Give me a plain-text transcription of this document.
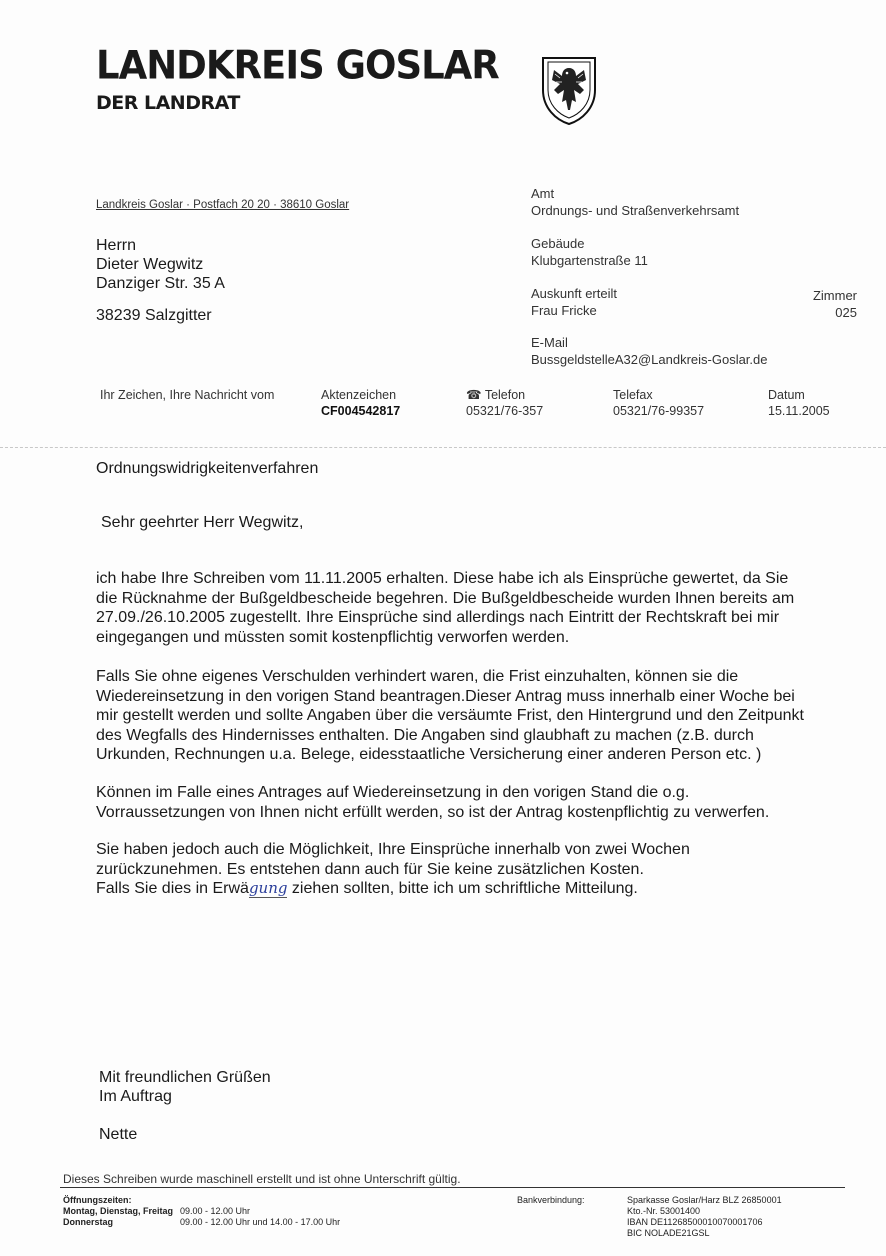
LANDKREIS GOSLAR
DER LANDRAT
Landkreis Goslar · Postfach 20 20 · 38610 Goslar
Herrn
Dieter Wegwitz
Danziger Str. 35 A
38239 Salzgitter
Amt
Ordnungs- und Straßenverkehrsamt
Gebäude
Klubgartenstraße 11
Auskunft erteilt
Frau Fricke
Zimmer
025
E-Mail
BussgeldstelleA32@Landkreis-Goslar.de
Ihr Zeichen, Ihre Nachricht vom	Aktenzeichen
CF004542817
☎ Telefon
05321/76-357
Telefax
05321/76-99357
Datum
15.11.2005
Ordnungswidrigkeitenverfahren
Sehr geehrter Herr Wegwitz,
ich habe Ihre Schreiben vom 11.11.2005 erhalten. Diese habe ich als Einsprüche gewertet, da Sie
die Rücknahme der Bußgeldbescheide begehren. Die Bußgeldbescheide wurden Ihnen bereits am
27.09./26.10.2005 zugestellt. Ihre Einsprüche sind allerdings nach Eintritt der Rechtskraft bei mir
eingegangen und müssten somit kostenpflichtig verworfen werden.
Falls Sie ohne eigenes Verschulden verhindert waren, die Frist einzuhalten, können sie die
Wiedereinsetzung in den vorigen Stand beantragen.Dieser Antrag muss innerhalb einer Woche bei
mir gestellt werden und sollte Angaben über die versäumte Frist, den Hintergrund und den Zeitpunkt
des Wegfalls des Hindernisses enthalten. Die Angaben sind glaubhaft zu machen (z.B. durch
Urkunden, Rechnungen u.a. Belege, eidesstaatliche Versicherung einer anderen Person etc. )
Können im Falle eines Antrages auf Wiedereinsetzung in den vorigen Stand die o.g.
Vorraussetzungen von Ihnen nicht erfüllt werden, so ist der Antrag kostenpflichtig zu verwerfen.
Sie haben jedoch auch die Möglichkeit, Ihre Einsprüche innerhalb von zwei Wochen
zurückzunehmen. Es entstehen dann auch für Sie keine zusätzlichen Kosten.
Falls Sie dies in Erwägung ziehen sollten, bitte ich um schriftliche Mitteilung.
Mit freundlichen Grüßen
Im Auftrag
Nette
Dieses Schreiben wurde maschinell erstellt und ist ohne Unterschrift gültig.
Öffnungszeiten:
Montag, Dienstag, Freitag
Donnerstag
09.00 - 12.00 Uhr
09.00 - 12.00 Uhr und 14.00 - 17.00 Uhr
Bankverbindung:	Sparkasse Goslar/Harz BLZ 26850001
Kto.-Nr. 53001400
IBAN DE11268500010070001706
BIC NOLADE21GSL
